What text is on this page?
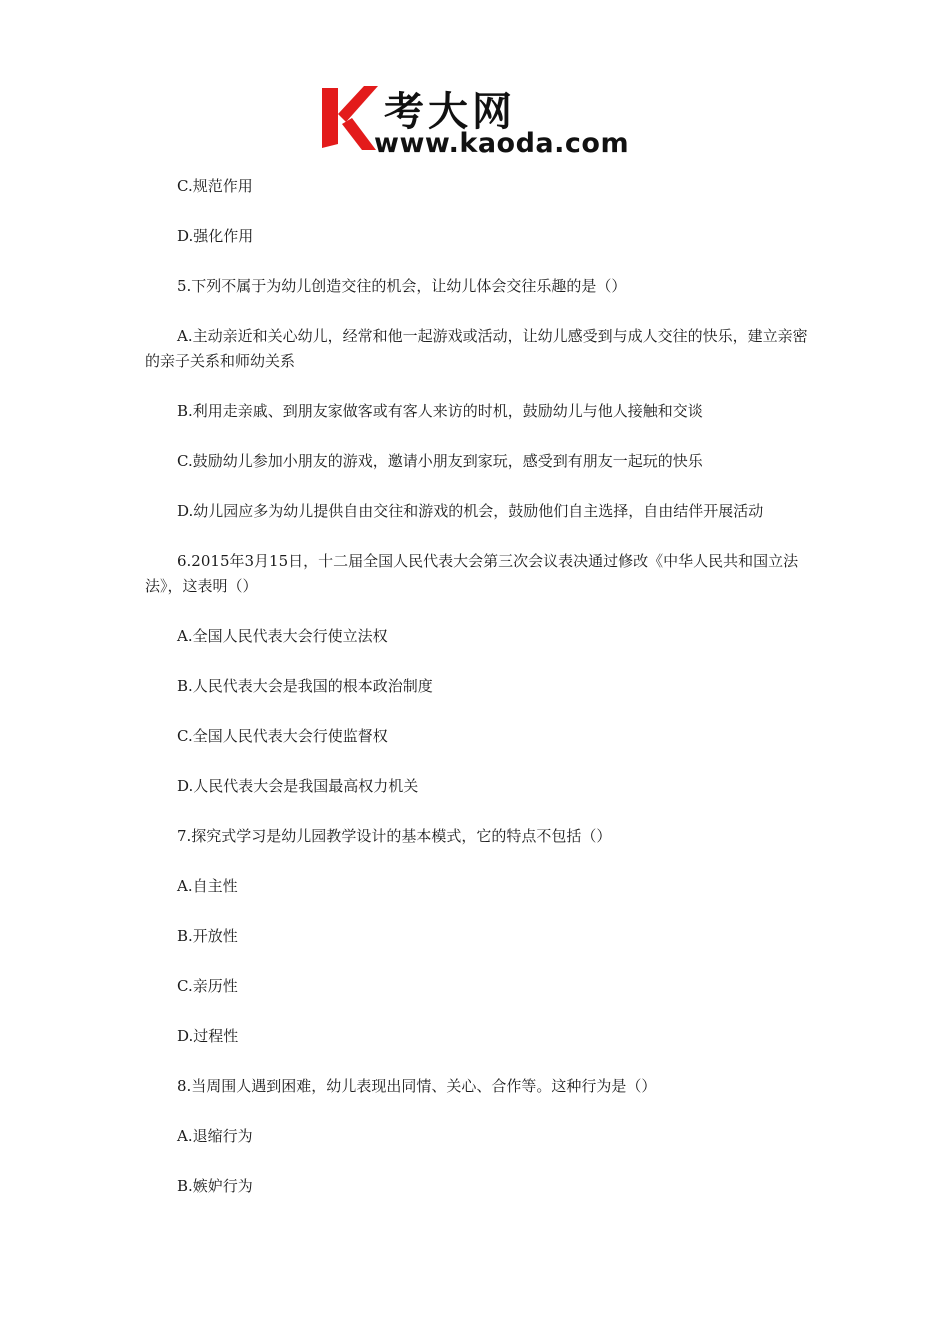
考大网
www.kaoda.com

C.规范作用

D.强化作用

5.下列不属于为幼儿创造交往的机会，让幼儿体会交往乐趣的是（）

A.主动亲近和关心幼儿，经常和他一起游戏或活动，让幼儿感受到与成人交往的快乐，建立亲密的亲子关系和师幼关系

B.利用走亲戚、到朋友家做客或有客人来访的时机，鼓励幼儿与他人接触和交谈

C.鼓励幼儿参加小朋友的游戏，邀请小朋友到家玩，感受到有朋友一起玩的快乐

D.幼儿园应多为幼儿提供自由交往和游戏的机会，鼓励他们自主选择，自由结伴开展活动

6.2015年3月15日，十二届全国人民代表大会第三次会议表决通过修改《中华人民共和国立法法》，这表明（）

A.全国人民代表大会行使立法权

B.人民代表大会是我国的根本政治制度

C.全国人民代表大会行使监督权

D.人民代表大会是我国最高权力机关

7.探究式学习是幼儿园教学设计的基本模式，它的特点不包括（）

A.自主性

B.开放性

C.亲历性

D.过程性

8.当周围人遇到困难，幼儿表现出同情、关心、合作等。这种行为是（）

A.退缩行为

B.嫉妒行为
